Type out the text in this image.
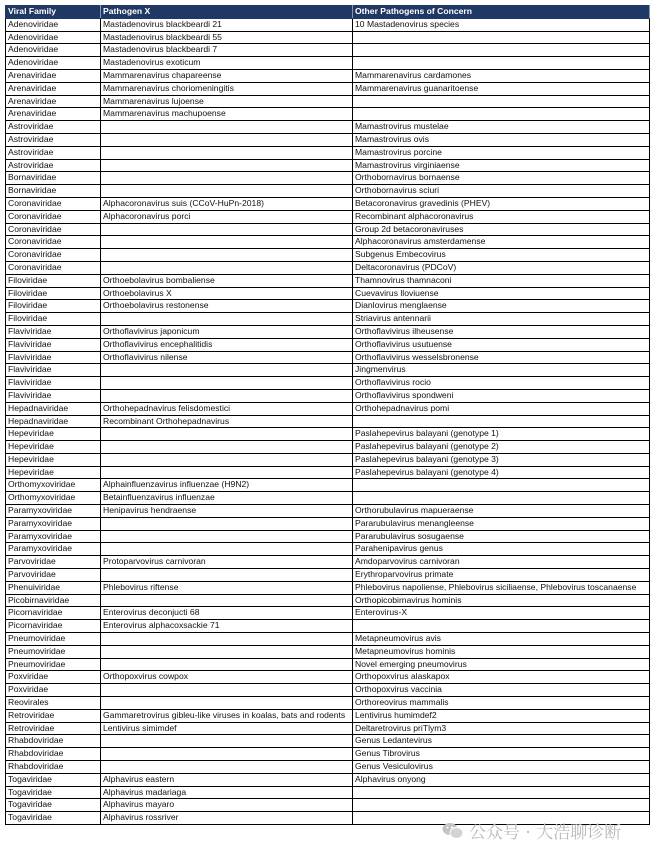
Viral Family	Pathogen X	Other Pathogens of Concern
Adenoviridae	Mastadenovirus blackbeardi 21	10 Mastadenovirus species
Adenoviridae	Mastadenovirus blackbeardi 55	
Adenoviridae	Mastadenovirus blackbeardi 7	
Adenoviridae	Mastadenovirus exoticum	
Arenaviridae	Mammarenavirus chapareense	Mammarenavirus cardamones
Arenaviridae	Mammarenavirus choriomeningitis	Mammarenavirus guanaritoense
Arenaviridae	Mammarenavirus lujoense	
Arenaviridae	Mammarenavirus machupoense	
Astroviridae		Mamastrovirus mustelae
Astroviridae		Mamastrovirus ovis
Astroviridae		Mamastrovirus porcine
Astroviridae		Mamastrovirus virginiaense
Bornaviridae		Orthobornavirus bornaense
Bornaviridae		Orthobornavirus sciuri
Coronaviridae	Alphacoronavirus suis (CCoV-HuPn-2018)	Betacoronavirus gravedinis (PHEV)
Coronaviridae	Alphacoronavirus porci	Recombinant alphacoronavirus
Coronaviridae		Group 2d betacoronaviruses
Coronaviridae		Alphacoronavirus amsterdamense
Coronaviridae		Subgenus Embecovirus
Coronaviridae		Deltacoronavirus (PDCoV)
Filoviridae	Orthoebolavirus bombaliense	Thamnovirus thamnaconi
Filoviridae	Orthoebolavirus X	Cuevavirus lloviuense
Filoviridae	Orthoebolavirus restonense	Dianlovirus menglaense
Filoviridae		Striavirus antennarii
Flaviviridae	Orthoflavivirus japonicum	Orthoflavivirus ilheusense
Flaviviridae	Orthoflavivirus encephalitidis	Orthoflavivirus usutuense
Flaviviridae	Orthoflavivirus nilense	Orthoflavivirus wesselsbronense
Flaviviridae		Jingmenvirus
Flaviviridae		Orthoflavivirus rocio
Flaviviridae		Orthoflavivirus spondweni
Hepadnaviridae	Orthohepadnavirus felisdomestici	Orthohepadnavirus pomi
Hepadnaviridae	Recombinant Orthohepadnavirus	
Hepeviridae		Paslahepevirus balayani (genotype 1)
Hepeviridae		Paslahepevirus balayani (genotype 2)
Hepeviridae		Paslahepevirus balayani (genotype 3)
Hepeviridae		Paslahepevirus balayani (genotype 4)
Orthomyxoviridae	Alphainfluenzavirus influenzae (H9N2)	
Orthomyxoviridae	Betainfluenzavirus influenzae	
Paramyxoviridae	Henipavirus hendraense	Orthorubulavirus mapueraense
Paramyxoviridae		Pararubulavirus menangleense
Paramyxoviridae		Pararubulavirus sosugaense
Paramyxoviridae		Parahenipavirus genus
Parvoviridae	Protoparvovirus carnivoran	Amdoparvovirus carnivoran
Parvoviridae		Erythroparvovirus primate
Phenuiviridae	Phlebovirus riftense	Phlebovirus napoliense, Phlebovirus siciliaense, Phlebovirus toscanaense
Picobirnaviridae		Orthopicobirnavirus hominis
Picornaviridae	Enterovirus deconjucti 68	Enterovirus-X
Picornaviridae	Enterovirus alphacoxsackie 71	
Pneumoviridae		Metapneumovirus avis
Pneumoviridae		Metapneumovirus hominis
Pneumoviridae		Novel emerging pneumovirus
Poxviridae	Orthopoxvirus cowpox	Orthopoxvirus alaskapox
Poxviridae		Orthopoxvirus vaccinia
Reovirales		Orthoreovirus mammalis
Retroviridae	Gammaretrovirus gibleu-like viruses in koalas, bats and rodents	Lentivirus humimdef2
Retroviridae	Lentivirus simimdef	Deltaretrovirus priTlym3
Rhabdoviridae		Genus Ledantevirus
Rhabdoviridae		Genus Tibrovirus
Rhabdoviridae		Genus Vesiculovirus
Togaviridae	Alphavirus eastern	Alphavirus onyong
Togaviridae	Alphavirus madariaga	
Togaviridae	Alphavirus mayaro	
Togaviridae	Alphavirus rossriver	
公众号 · 大浩聊诊断
